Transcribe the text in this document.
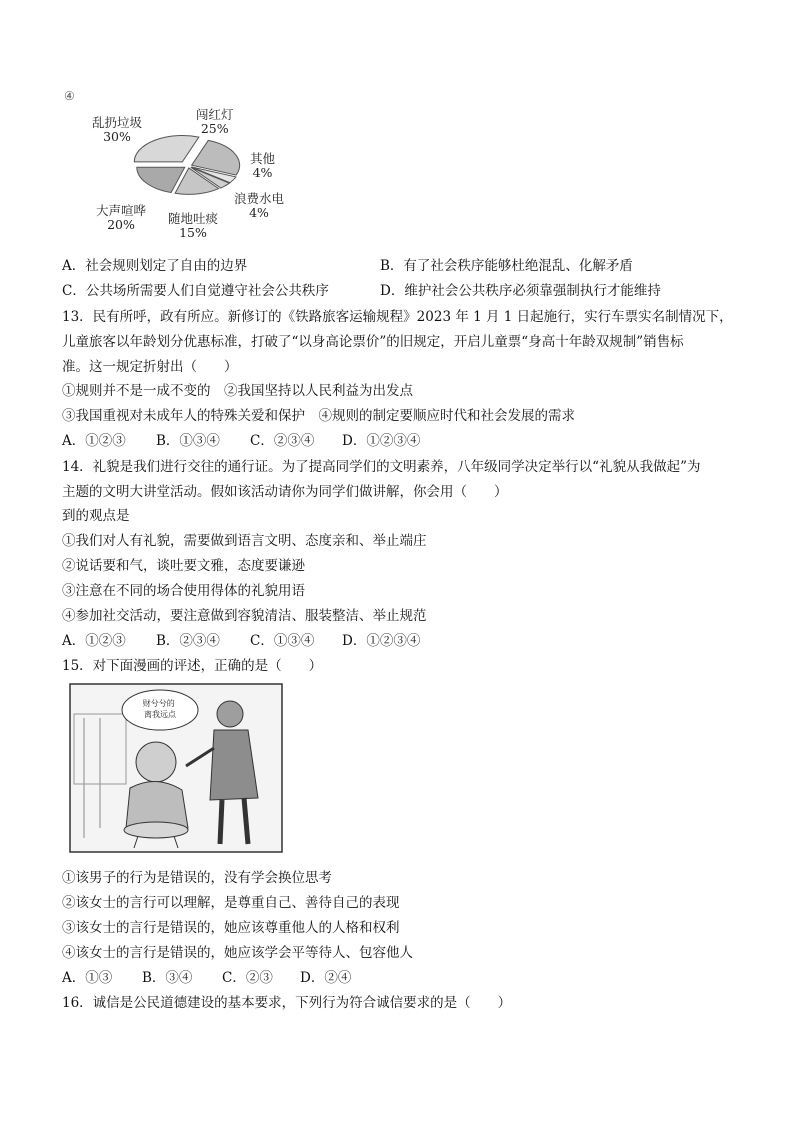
④
乱扔垃圾
30%
闯红灯
25%
其他
4%
浪费水电
4%
随地吐痰
15%
大声喧哗
20%
A．社会规则划定了自由的边界	B．有了社会秩序能够杜绝混乱、化解矛盾
C．公共场所需要人们自觉遵守社会公共秩序	D．维护社会公共秩序必须靠强制执行才能维持
13．民有所呼，政有所应。新修订的《铁路旅客运输规程》2023 年 1 月 1 日起施行，实行车票实名制情况下，
儿童旅客以年龄划分优惠标准，打破了“以身高论票价”的旧规定，开启儿童票“身高十年龄双规制”销售标
准。这一规定折射出（　　）
①规则并不是一成不变的　②我国坚持以人民利益为出发点
③我国重视对未成年人的特殊关爱和保护　④规则的制定要顺应时代和社会发展的需求
A．①②③ B．①③④ C．②③④ D．①②③④
14．礼貌是我们进行交往的通行证。为了提高同学们的文明素养，八年级同学决定举行以“礼貌从我做起”为
主题的文明大讲堂活动。假如该活动请你为同学们做讲解，你会用（　　）
到的观点是
①我们对人有礼貌，需要做到语言文明、态度亲和、举止端庄
②说话要和气，谈吐要文雅，态度要谦逊
③注意在不同的场合使用得体的礼貌用语
④参加社交活动，要注意做到容貌清洁、服装整洁、举止规范
A．①②③ B．②③④ C．①③④ D．①②③④
15．对下面漫画的评述，正确的是（　　）
财兮兮的 离我远点
①该男子的行为是错误的，没有学会换位思考
②该女士的言行可以理解，是尊重自己、善待自己的表现
③该女士的言行是错误的，她应该尊重他人的人格和权利
④该女士的言行是错误的，她应该学会平等待人、包容他人
A．①③ B．③④ C．②③ D．②④
16．诚信是公民道德建设的基本要求，下列行为符合诚信要求的是（　　）
